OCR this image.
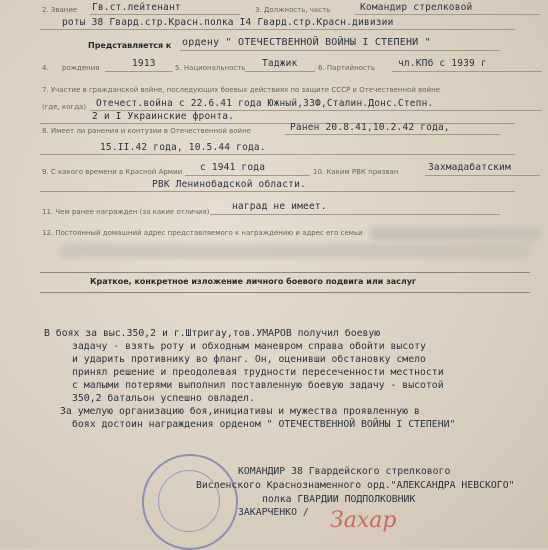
2. Звание Гв.ст.лейтенант	3. Должность, часть	Командир стрелковой
роты 38 Гвард.стр.Красн.полка I4 Гвард.стр.Красн.дивизии
Представляется к ордену " ОТЕЧЕСТВЕННОЙ ВОЙНЫ I СТЕПЕНИ "
4. рождения	1913	5. Национальность Таджик	6. Партийность чл.КПб с 1939 г
7. Участие в гражданской войне, последующих боевых действиях по защите СССР и Отечественной войне
(где, когда) Отечест.война с 22.6.41 года Южный,ЗЗФ,Сталин.Донс.Степн.
2 и I Украинские фронта.
8. Имеет ли ранения и контузии в Отечественной войне	Ранен 20.8.41,10.2.42 года,
15.II.42 года, 10.5.44 года.
9. С какого времени в Красной Армии с 1941 года	10. Каким РВК призван	Захмадабатским
РВК Ленинобадской области.
11. Чем ранее награжден (за какие отличия) наград не имеет.
12. Постоянный домашний адрес представляемого к награждению и адрес его семьи
Краткое, конкретное изложение личного боевого подвига или заслуг
В боях за выс.350,2 и г.Штригау,тов.УМАРОВ получил боевую
задачу - взять роту и обходным маневром справа обойти высоту
и ударить противнику во фланг. Он, оценивши обстановку смело
принял решение и преодолевая трудности пересеченности местности
с малыми потерями выполнил поставленную боевую задачу - высотой
350,2 батальон успешно овладел.
За умелую организацию боя,инициативы и мужества проявленную в
боях достоин награждения орденом " ОТЕЧЕСТВЕННОЙ ВОЙНЫ I СТЕПЕНИ"
КОМАНДИР 38 Гвардейского стрелкового
Висленского Краснознаменного орд."АЛЕКСАНДРА НЕВСКОГО"
полка ГВАРДИИ ПОДПОЛКОВНИК
ЗАКАРЧЕНКО / Захар
